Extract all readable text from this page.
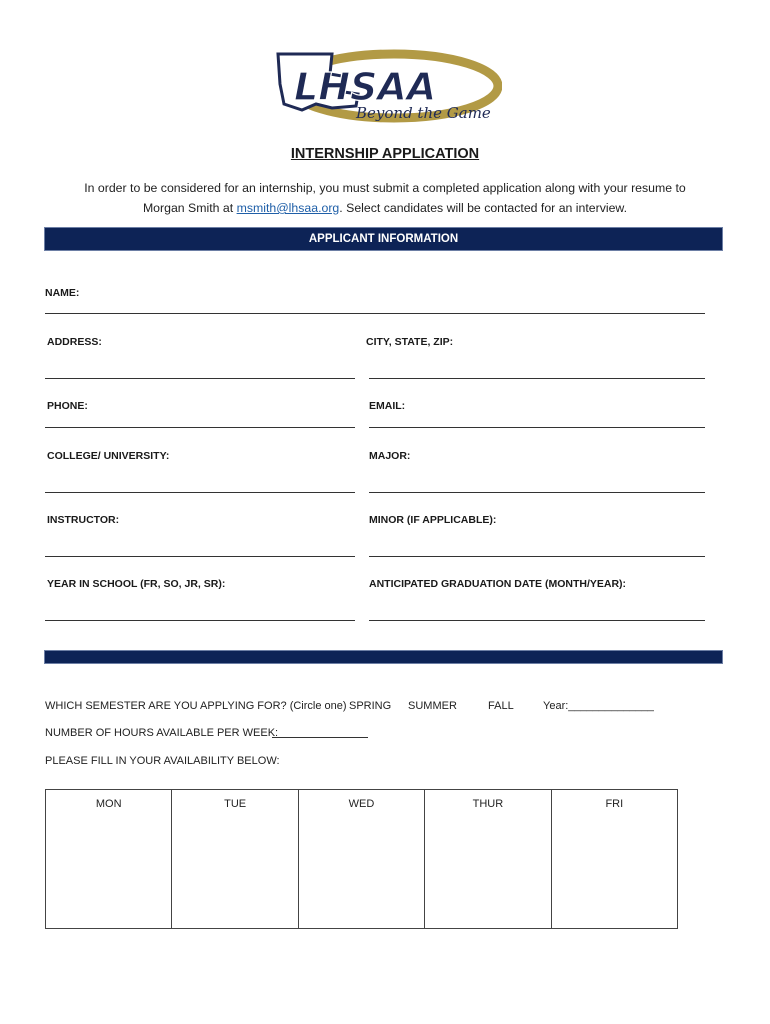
LHSAA
Beyond the Game
INTERNSHIP APPLICATION
In order to be considered for an internship, you must submit a completed application along with your resume to
Morgan Smith at msmith@lhsaa.org. Select candidates will be contacted for an interview.
APPLICANT INFORMATION
NAME:
ADDRESS:	CITY, STATE, ZIP:
PHONE:	EMAIL:
COLLEGE/ UNIVERSITY:	MAJOR:
INSTRUCTOR:	MINOR (IF APPLICABLE):
YEAR IN SCHOOL (FR, SO, JR, SR):	ANTICIPATED GRADUATION DATE (MONTH/YEAR):
WHICH SEMESTER ARE YOU APPLYING FOR? (Circle one) SPRING SUMMER	FALL	Year:______________
NUMBER OF HOURS AVAILABLE PER WEEK:
PLEASE FILL IN YOUR AVAILABILITY BELOW:
MON	TUE	WED	THUR	FRI
